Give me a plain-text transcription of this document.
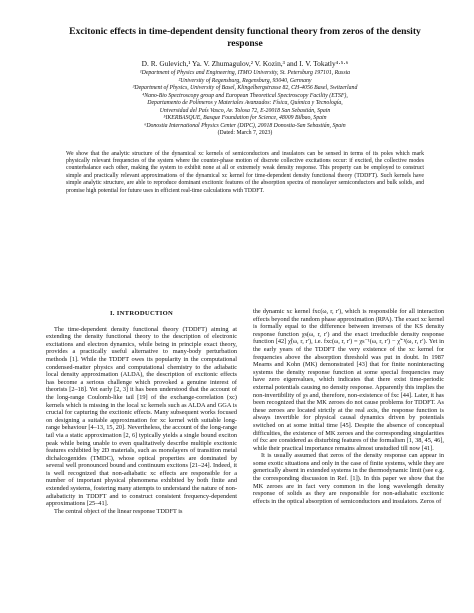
Excitonic effects in time-dependent density functional theory from zeros of the density response
D. R. Gulevich,¹ Ya. V. Zhumagulov,² V. Kozin,³ and I. V. Tokatly⁴·⁵·⁶
¹Department of Physics and Engineering, ITMO University, St. Petersburg 197101, Russia
²University of Regensburg, Regensburg, 93040, Germany
³Department of Physics, University of Basel, Klingelbergstrasse 82, CH-4056 Basel, Switzerland
⁴Nano-Bio Spectroscopy group and European Theoretical Spectroscopy Facility (ETSF),
Departamento de Polímeros y Materiales Avanzados: Física, Química y Tecnología,
Universidad del País Vasco, Av. Tolosa 72, E-20018 San Sebastián, Spain
⁵IKERBASQUE, Basque Foundation for Science, 48009 Bilbao, Spain
⁶Donostia International Physics Center (DIPC), 20018 Donostia-San Sebastián, Spain
(Dated: March 7, 2023)
We show that the analytic structure of the dynamical xc kernels of semiconductors and insulators can be sensed in terms of its poles which mark physically relevant frequencies of the system where the counter-phase motion of discrete collective excitations occur: if excited, the collective modes counterbalance each other, making the system to exhibit none at all or extremely weak density response. This property can be employed to construct simple and practically relevant approximations of the dynamical xc kernel for time-dependent density functional theory (TDDFT). Such kernels have simple analytic structure, are able to reproduce dominant excitonic features of the absorption spectra of monolayer semiconductors and bulk solids, and promise high potential for future uses in efficient real-time calculations with TDDFT.
I. INTRODUCTION

The time-dependent density functional theory (TDDFT) aiming at extending the density functional theory to the description of electronic excitations and electron dynamics, while being in principle exact theory, provides a practically useful alternative to many-body perturbation methods [1]. While the TDDFT owes its popularity in the computational condensed-matter physics and computational chemistry to the adiabatic local density approximation (ALDA), the description of excitonic effects has become a serious challenge which provoked a genuine interest of theorists [2–18]. Yet early [2, 3] it has been understood that the account of the long-range Coulomb-like tail [19] of the exchange-correlation (xc) kernels which is missing in the local xc kernels such as ALDA and GGA is crucial for capturing the excitonic effects. Many subsequent works focused on designing a suitable approximation for xc kernel with suitable long-range behaviour [4–13, 15, 20]. Nevertheless, the account of the long-range tail via a static approximation [2, 6] typically yields a single bound exciton peak while being unable to even qualitatively describe multiple excitonic features exhibited by 2D materials, such as monolayers of transition metal dichalcogenides (TMDC), whose optical properties are dominated by several well pronounced bound and continuum excitons [21–24]. Indeed, it is well recognized that non-adiabatic xc effects are responsible for a number of important physical phenomena exhibited by both finite and extended systems, fostering many attempts to understand the nature of non-adiabaticity in TDDFT and to construct consistent frequency-dependent approximations [25–41].

The central object of the linear response TDDFT is

the dynamic xc kernel fxc(ω, r, r′), which is responsible for all interaction effects beyond the random phase approximation (RPA). The exact xc kernel is formally equal to the difference between inverses of the KS density response function χs(ω, r, r′) and the exact irreducible density response function [42] χ̃(ω, r, r′), i.e. fxc(ω, r, r′) = χs⁻¹(ω, r, r′) − χ̃⁻¹(ω, r, r′). Yet in the early years of the TDDFT the very existence of the xc kernel for frequencies above the absorption threshold was put in doubt. In 1987 Mearns and Kohn (MK) demonstrated [43] that for finite noninteracting systems the density response function at some special frequencies may have zero eigenvalues, which indicates that there exist time-periodic external potentials causing no density response. Apparently this implies the non-invertibility of χs and, therefore, non-existence of fxc [44]. Later, it has been recognized that the MK zeroes do not cause problems for TDDFT. As these zeroes are located strictly at the real axis, the response function is always invertible for physical causal dynamics driven by potentials switched on at some initial time [45]. Despite the absence of conceptual difficulties, the existence of MK zeroes and the corresponding singularities of fxc are considered as disturbing features of the formalism [1, 38, 45, 46], while their practical importance remains almost unstudied till now [41].

It is usually assumed that zeros of the density response can appear in some exotic situations and only in the case of finite systems, while they are generically absent in extended systems in the thermodynamic limit (see e.g. the corresponding discussion in Ref. [1]). In this paper we show that the MK zeroes are in fact very common in the long wavelength density response of solids as they are responsible for non-adiabatic excitonic effects in the optical absorption of semiconductors and insulators. Zeros of
